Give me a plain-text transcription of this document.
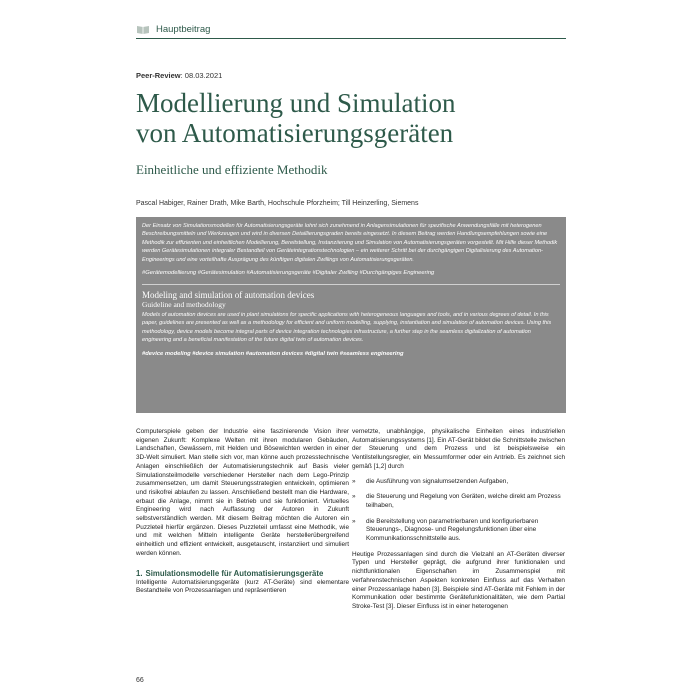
Hauptbeitrag
Peer-Review: 08.03.2021
Modellierung und Simulation
von Automatisierungsgeräten
Einheitliche und effiziente Methodik
Pascal Habiger, Rainer Drath, Mike Barth, Hochschule Pforzheim; Till Heinzerling, Siemens

Der Einsatz von Simulationsmodellen für Automatisierungsgeräte lohnt sich zunehmend in Anlagensimulationen für spezifische Anwendungsfälle mit heterogenen Beschreibungsmitteln und Werkzeugen und wird in diversen Detaillierungsgraden bereits eingesetzt. In diesem Beitrag werden Handlungsempfehlungen sowie eine Methodik zur effizienten und einheitlichen Modellierung, Bereitstellung, Instanziierung und Simulation von Automatisierungsgeräten vorgestellt. Mit Hilfe dieser Methodik werden Gerätesimulationen integraler Bestandteil von Geräteintegrationstechnologien – ein weiterer Schritt bei der durchgängigen Digitalisierung des Automation-Engineerings und eine vorteilhafte Ausprägung des künftigen digitalen Zwillings von Automatisierungsgeräten.

#Gerätemodellierung #Gerätesimulation #Automatisierungsgeräte #Digitaler Zwilling #Durchgängiges Engineering

Modeling and simulation of automation devices

Guideline and methodology

Models of automation devices are used in plant simulations for specific applications with heterogeneous languages and tools, and in various degrees of detail. In this paper, guidelines are presented as well as a methodology for efficient and uniform modelling, supplying, instantiation and simulation of automation devices. Using this methodology, device models become integral parts of device integration technologies infrastructure, a further step in the seamless digitalization of automation engineering and a beneficial manifestation of the future digital twin of automation devices.

#device modeling #device simulation #automation devices #digital twin #seamless engineering

Computerspiele geben der Industrie eine faszinierende Vision ihrer eigenen Zukunft: Komplexe Welten mit ihren modularen Gebäuden, Landschaften, Gewässern, mit Helden und Bösewichten werden in einer 3D-Welt simuliert. Man stelle sich vor, man könne auch prozesstechnische Anlagen einschließlich der Automatisierungstechnik auf Basis vieler Simulationsteilmodelle verschiedener Hersteller nach dem Lego-Prinzip zusammensetzen, um damit Steuerungsstrategien entwickeln, optimieren und risikofrei ablaufen zu lassen. Anschließend bestellt man die Hardware, erbaut die Anlage, nimmt sie in Betrieb und sie funktioniert. Virtuelles Engineering wird nach Auffassung der Autoren in Zukunft selbstverständlich werden. Mit diesem Beitrag möchten die Autoren ein Puzzleteil hierfür ergänzen. Dieses Puzzleteil umfasst eine Methodik, wie und mit welchen Mitteln intelligente Geräte herstellerübergreifend einheitlich und effizient entwickelt, ausgetauscht, instanziiert und simuliert werden können.

1. Simulationsmodelle für Automatisierungsgeräte

Intelligente Automatisierungsgeräte (kurz AT-Geräte) sind elementare Bestandteile von Prozessanlagen und repräsentieren

vernetzte, unabhängige, physikalische Einheiten eines industriellen Automatisierungssystems [1]. Ein AT-Gerät bildet die Schnittstelle zwischen der Steuerung und dem Prozess und ist beispielsweise ein Ventilstellungsregler, ein Messumformer oder ein Antrieb. Es zeichnet sich gemäß [1,2] durch

»	die Ausführung von signalumsetzenden Aufgaben,
»	die Steuerung und Regelung von Geräten, welche direkt am Prozess teilhaben,
»	die Bereitstellung von parametrierbaren und konfigurierbaren Steuerungs-, Diagnose- und Regelungsfunktionen über eine Kommunikationsschnittstelle aus.

Heutige Prozessanlagen sind durch die Vielzahl an AT-Geräten diverser Typen und Hersteller geprägt, die aufgrund ihrer funktionalen und nichtfunktionalen Eigenschaften im Zusammenspiel mit verfahrenstechnischen Aspekten konkreten Einfluss auf das Verhalten einer Prozessanlage haben [3]. Beispiele sind AT-Geräte mit Fehlem in der Kommunikation oder bestimmte Gerätefunktionalitäten, wie dem Partial Stroke-Test [3]. Dieser Einfluss ist in einer heterogenen

66
